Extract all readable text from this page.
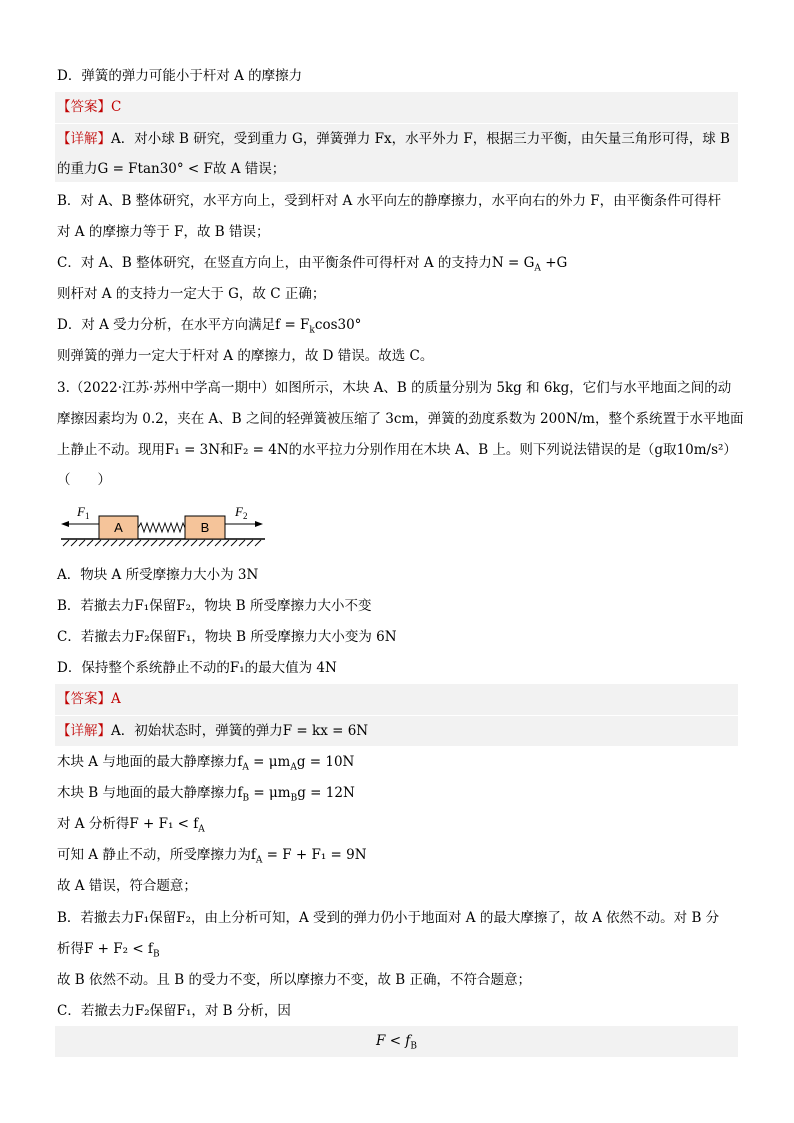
D．弹簧的弹力可能小于杆对 A 的摩擦力
【答案】C
【详解】A．对小球 B 研究，受到重力 G，弹簧弹力 Fx，水平外力 F，根据三力平衡，由矢量三角形可得，球 B
的重力G = Ftan30° < F故 A 错误；
B．对 A、B 整体研究，水平方向上，受到杆对 A 水平向左的静摩擦力，水平向右的外力 F，由平衡条件可得杆
对 A 的摩擦力等于 F，故 B 错误；
C．对 A、B 整体研究，在竖直方向上，由平衡条件可得杆对 A 的支持力$N = G_A +G$
则杆对 A 的支持力一定大于 G，故 C 正确；
D．对 A 受力分析，在水平方向满足$f = F_k\cos 30^\circ$
则弹簧的弹力一定大于杆对 A 的摩擦力，故 D 错误。故选 C。
3.（2022·江苏·苏州中学高一期中）如图所示，木块 A、B 的质量分别为 5kg 和 6kg，它们与水平地面之间的动
摩擦因素均为 0.2，夹在 A、B 之间的轻弹簧被压缩了 3cm，弹簧的劲度系数为 200N/m，整个系统置于水平地面
上静止不动。现用F₁ = 3N和F₂ = 4N的水平拉力分别作用在木块 A、B 上。则下列说法错误的是（g取10m/s²）
（　　）
A	B
$F_1$	$F_2$
A．物块 A 所受摩擦力大小为 3N
B．若撤去力F₁保留F₂，物块 B 所受摩擦力大小不变
C．若撤去力F₂保留F₁，物块 B 所受摩擦力大小变为 6N
D．保持整个系统静止不动的F₁的最大值为 4N
【答案】A
【详解】A．初始状态时，弹簧的弹力F = kx = 6N
木块 A 与地面的最大静摩擦力$f_A = \mu m_Ag = 10N$
木块 B 与地面的最大静摩擦力$f_B = \mu m_Bg = 12N$
对 A 分析得$F + F_1 < f_A$
可知 A 静止不动，所受摩擦力为$f_A = F + F_1 = 9N$
故 A 错误，符合题意；
B．若撤去力F₁保留F₂，由上分析可知，A 受到的弹力仍小于地面对 A 的最大摩擦了，故 A 依然不动。对 B 分
析得$F + F_2 < f_B$
故 B 依然不动。且 B 的受力不变，所以摩擦力不变，故 B 正确，不符合题意；
C．若撤去力F₂保留F₁，对 B 分析，因
$F < f_B$
